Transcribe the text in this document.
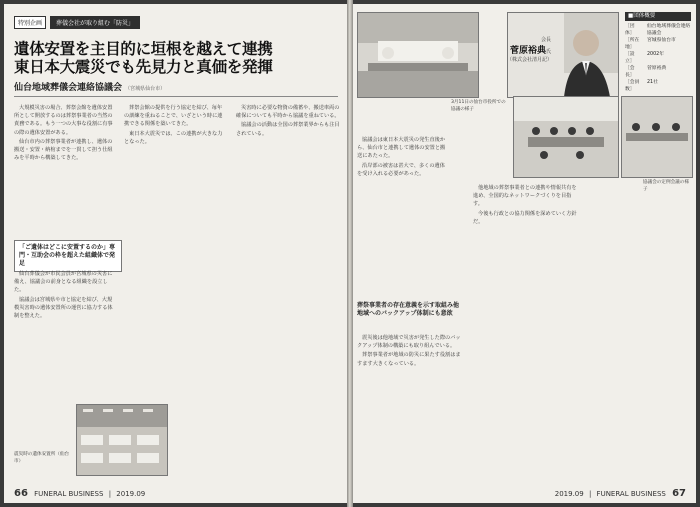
特別企画	葬儀会社が取り組む「防災」
遺体安置を主目的に垣根を越えて連携
東日本大震災でも先見力と真価を発揮
仙台地域葬儀会連絡協議会 （宮城県仙台市）

大規模災害の場合、葬祭会館を遺体安置所として開放するのは葬祭事業者の当然の責務である。もう一つの大事な役割に有事の際の遺体安置がある。

仙台市内の葬祭事業者が連携し、遺体の搬送・安置・納棺までを一貫して担う仕組みを平時から構築してきた。

「ご遺体はどこに安置するのか」専門・互助会の枠を超えた組織体で発足

仙台葬儀会が市民会員が宮城県の災害に備え、協議会の前身となる組織を設立した。

協議会は宮城県や市と協定を結び、大規模災害時の遺体安置所の運営に協力する体制を整えた。

葬祭会館の提供を行う協定を結び、毎年の訓練を重ねることで、いざという時に連携できる関係を築いてきた。

東日本大震災では、この連携が大きな力となった。

災害時に必要な物資の備蓄や、搬送車両の確保についても平時から協議を重ねている。

協議会の活動は全国の葬祭業界からも注目されている。

震災時の遺体安置所（仙台市）
66 FUNERAL BUSINESS | 2019.09
会長
菅原裕典氏
（株式会社清月記）
■団体概要
［団　体］
仙台地域葬儀会連絡協議会
［所在地］
宮城県仙台市
［設　立］
2002年
［会　長］
菅原裕典
［会員数］
21社
3月11日の仙台市役所での協議の様子
協議会の定例会議の様子

協議会は東日本大震災の発生直後から、仙台市と連携して遺体の安置と搬送にあたった。

沿岸部の被害は甚大で、多くの遺体を受け入れる必要があった。

葬祭事業者の存在意義を示す取組み他地域へのバックアップ体制にも意欲

震災後は他地域で災害が発生した際のバックアップ体制の構築にも取り組んでいる。

葬祭事業者が地域の防災に果たす役割はますます大きくなっている。

他地域の葬祭事業者との連携や情報共有を進め、全国的なネットワークづくりを目指す。

今後も行政との協力関係を深めていく方針だ。

2019.09 | FUNERAL BUSINESS 67
